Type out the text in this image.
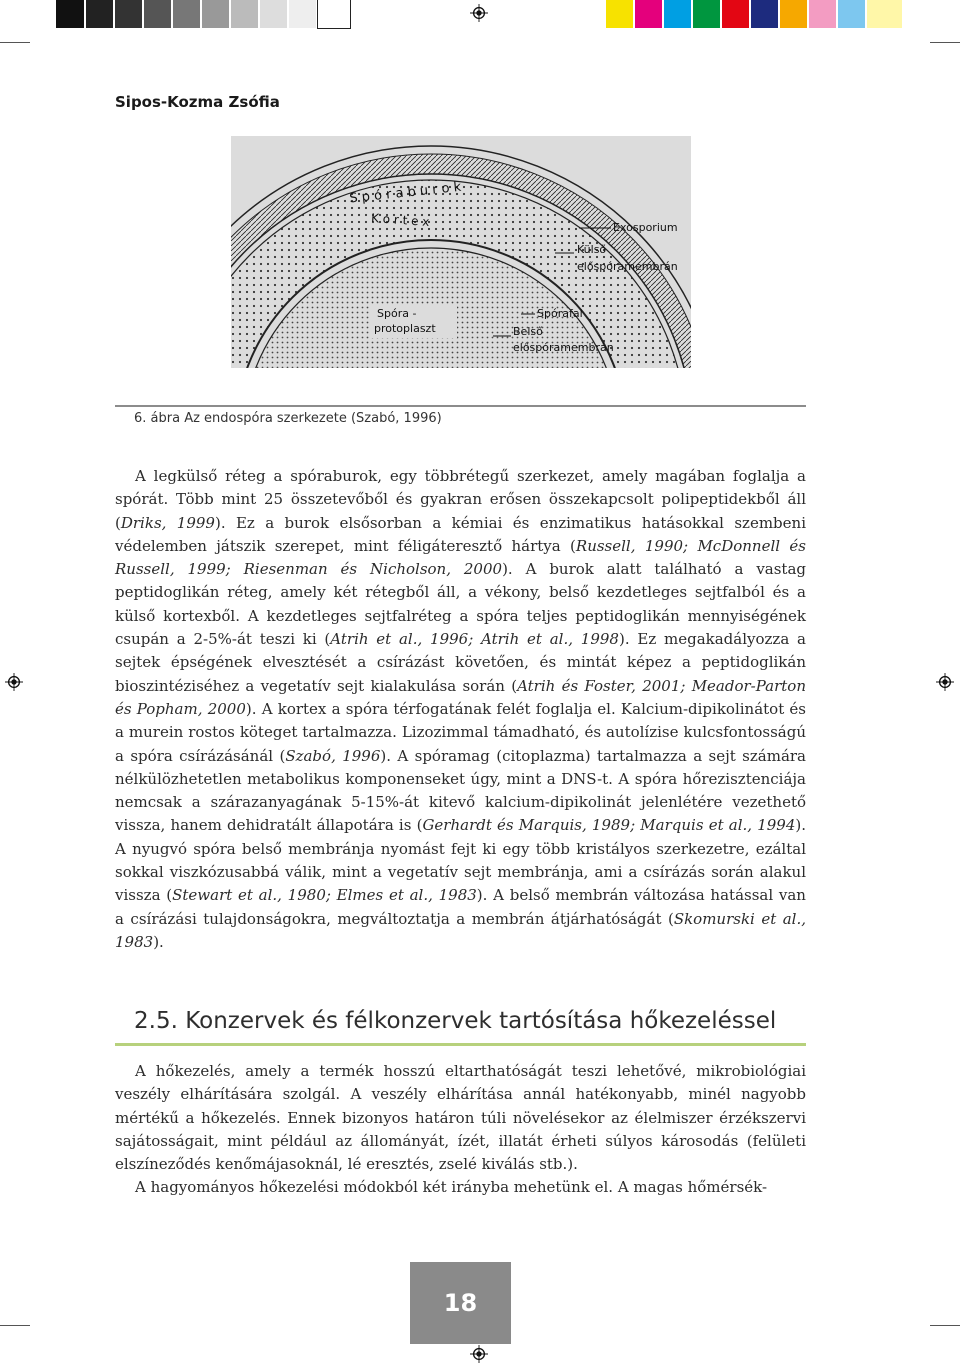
Sipos-Kozma Zsófia
S p ó r a b u r o k
K o r t e x
Spóra -
protoplaszt
Exosporium
Külső
előspóramembrán
Spórafal
Belső
előspóramembrán
6. ábra Az endospóra szerkezete (Szabó, 1996)

A legkülső réteg a spóraburok, egy többrétegű szerkezet, amely magában foglalja a spórát. Több mint 25 összetevőből és gyakran erősen összekapcsolt polipeptidekből áll (Driks, 1999). Ez a burok elsősorban a kémiai és enzimatikus hatásokkal szembeni védelemben játszik szerepet, mint féligáteresztő hártya (Russell, 1990; McDonnell és Russell, 1999; Riesenman és Nicholson, 2000). A burok alatt található a vastag peptidoglikán réteg, amely két rétegből áll, a vékony, belső kezdetleges sejtfalból és a külső kortexből. A kezdetleges sejtfalréteg a spóra teljes peptidoglikán mennyiségének csupán a 2-5%-át teszi ki (Atrih et al., 1996; Atrih et al., 1998). Ez megakadályozza a sejtek épségének elvesztését a csírázást követően, és mintát képez a peptidoglikán bioszintéziséhez a vegetatív sejt kialakulása során (Atrih és Foster, 2001; Meador-Parton és Popham, 2000). A kortex a spóra térfogatának felét foglalja el. Kalcium-dipikolinátot és a murein rostos köteget tartalmazza. Lizozimmal támadható, és autolízise kulcsfontosságú a spóra csírázásánál (Szabó, 1996). A spóramag (citoplazma) tartalmazza a sejt számára nélkülözhetetlen metabolikus komponenseket úgy, mint a DNS-t. A spóra hőrezisztenciája nemcsak a szárazanyagának 5-15%-át kitevő kalcium-dipikolinát jelenlétére vezethető vissza, hanem dehidratált állapotára is (Gerhardt és Marquis, 1989; Marquis et al., 1994). A nyugvó spóra belső membránja nyomást fejt ki egy több kristályos szerkezetre, ezáltal sokkal viszkózusabbá válik, mint a vegetatív sejt membránja, ami a csírázás során alakul vissza (Stewart et al., 1980; Elmes et al., 1983). A belső membrán változása hatással van a csírázási tulajdonságokra, megváltoztatja a membrán átjárhatóságát (Skomurski et al., 1983).

2.5. Konzervek és félkonzervek tartósítása hőkezeléssel

A hőkezelés, amely a termék hosszú eltarthatóságát teszi lehetővé, mikrobiológiai veszély elhárítására szolgál. A veszély elhárítása annál hatékonyabb, minél nagyobb mértékű a hőkezelés. Ennek bizonyos határon túli növelésekor az élelmiszer érzékszervi sajátosságait, mint például az állományát, ízét, illatát érheti súlyos károsodás (felületi elszíneződés kenőmájasoknál, lé eresztés, zselé kiválás stb.).

A hagyományos hőkezelési módokból két irányba mehetünk el. A magas hőmérsék-

18
